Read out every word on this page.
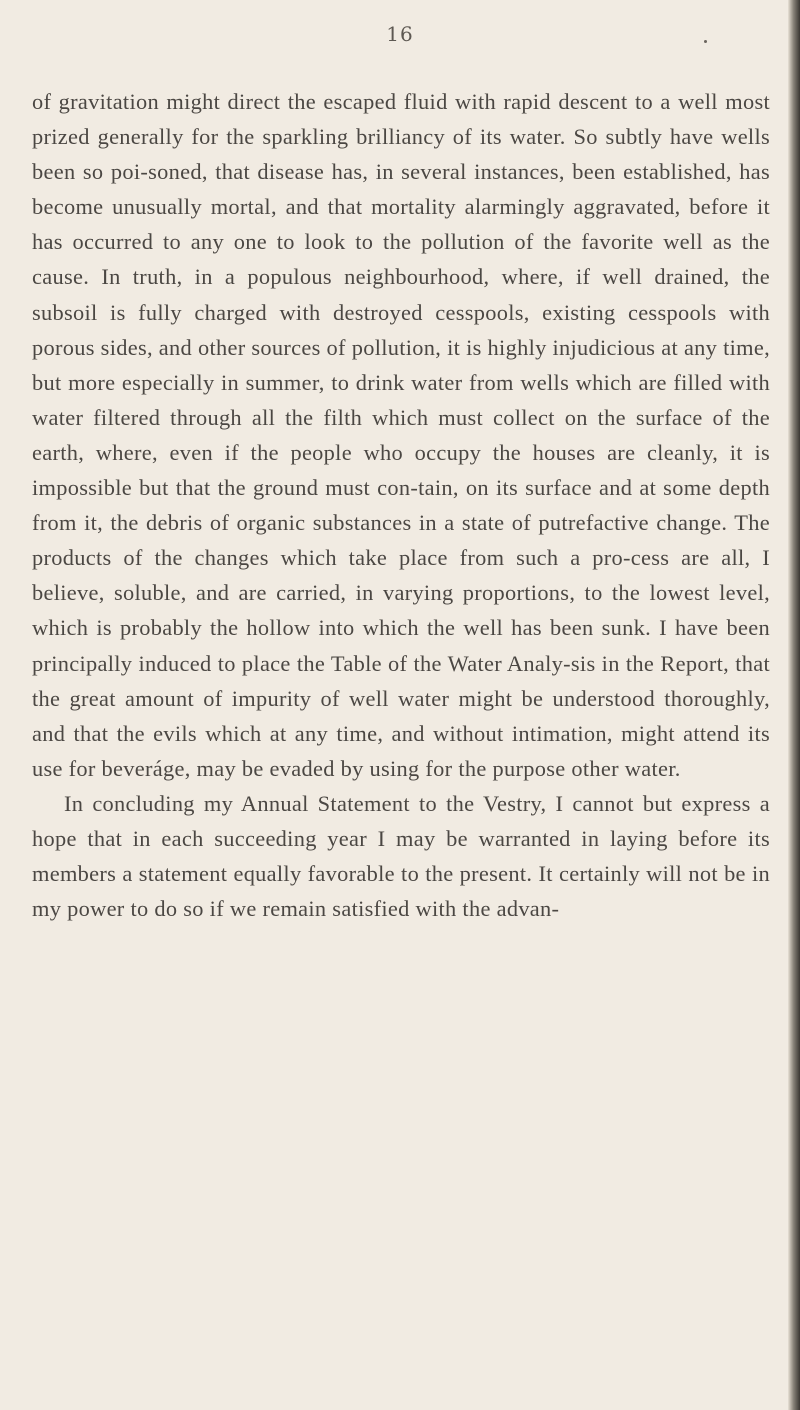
16

of gravitation might direct the escaped fluid with rapid descent to a well most prized generally for the sparkling brilliancy of its water. So subtly have wells been so poi-soned, that disease has, in several instances, been established, has become unusually mortal, and that mortality alarmingly aggravated, before it has occurred to any one to look to the pollution of the favorite well as the cause. In truth, in a populous neighbourhood, where, if well drained, the subsoil is fully charged with destroyed cesspools, existing cesspools with porous sides, and other sources of pollution, it is highly injudicious at any time, but more especially in summer, to drink water from wells which are filled with water filtered through all the filth which must collect on the surface of the earth, where, even if the people who occupy the houses are cleanly, it is impossible but that the ground must con-tain, on its surface and at some depth from it, the debris of organic substances in a state of putrefactive change. The products of the changes which take place from such a pro-cess are all, I believe, soluble, and are carried, in varying proportions, to the lowest level, which is probably the hollow into which the well has been sunk. I have been principally induced to place the Table of the Water Analy-sis in the Report, that the great amount of impurity of well water might be understood thoroughly, and that the evils which at any time, and without intimation, might attend its use for beveráge, may be evaded by using for the purpose other water.

In concluding my Annual Statement to the Vestry, I cannot but express a hope that in each succeeding year I may be warranted in laying before its members a statement equally favorable to the present. It certainly will not be in my power to do so if we remain satisfied with the advan-
